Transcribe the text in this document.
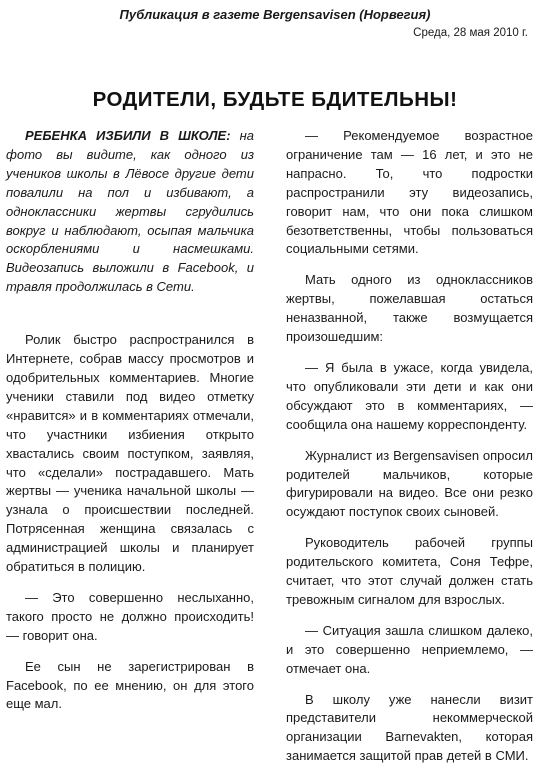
Публикация в газете Bergensavisen (Норвегия)
Среда, 28 мая 2010 г.
РОДИТЕЛИ, БУДЬТЕ БДИТЕЛЬНЫ!

РЕБЕНКА ИЗБИЛИ В ШКОЛЕ: на фото вы видите, как одного из учеников школы в Лёвосе другие дети повалили на пол и избивают, а одноклассники жертвы сгрудились вокруг и наблюдают, осыпая мальчика оскорблениями и насмешками. Видеозапись выложили в Facebook, и травля продолжилась в Сети.

Ролик быстро распространился в Интернете, собрав массу просмотров и одобрительных комментариев. Многие ученики ставили под видео отметку «нравится» и в комментариях отмечали, что участники избиения открыто хвастались своим поступком, заявляя, что «сделали» пострадавшего. Мать жертвы — ученика начальной школы — узнала о происшествии последней. Потрясенная женщина связалась с администрацией школы и планирует обратиться в полицию.

— Это совершенно неслыханно, такого просто не должно происходить! — говорит она.

Ее сын не зарегистрирован в Facebook, по ее мнению, он для этого еще мал.

— Рекомендуемое возрастное ограничение там — 16 лет, и это не напрасно. То, что подростки распространили эту видеозапись, говорит нам, что они пока слишком безответственны, чтобы пользоваться социальными сетями.

Мать одного из одноклассников жертвы, пожелавшая остаться неназванной, также возмущается произошедшим:

— Я была в ужасе, когда увидела, что опубликовали эти дети и как они обсуждают это в комментариях, — сообщила она нашему корреспонденту.

Журналист из Bergensavisen опросил родителей мальчиков, которые фигурировали на видео. Все они резко осуждают поступок своих сыновей.

Руководитель рабочей группы родительского комитета, Соня Тефре, считает, что этот случай должен стать тревожным сигналом для взрослых.

— Ситуация зашла слишком далеко, и это совершенно неприемлемо, — отмечает она.

В школу уже нанесли визит представители некоммерческой организации Barnevakten, которая занимается защитой прав детей в СМИ.
